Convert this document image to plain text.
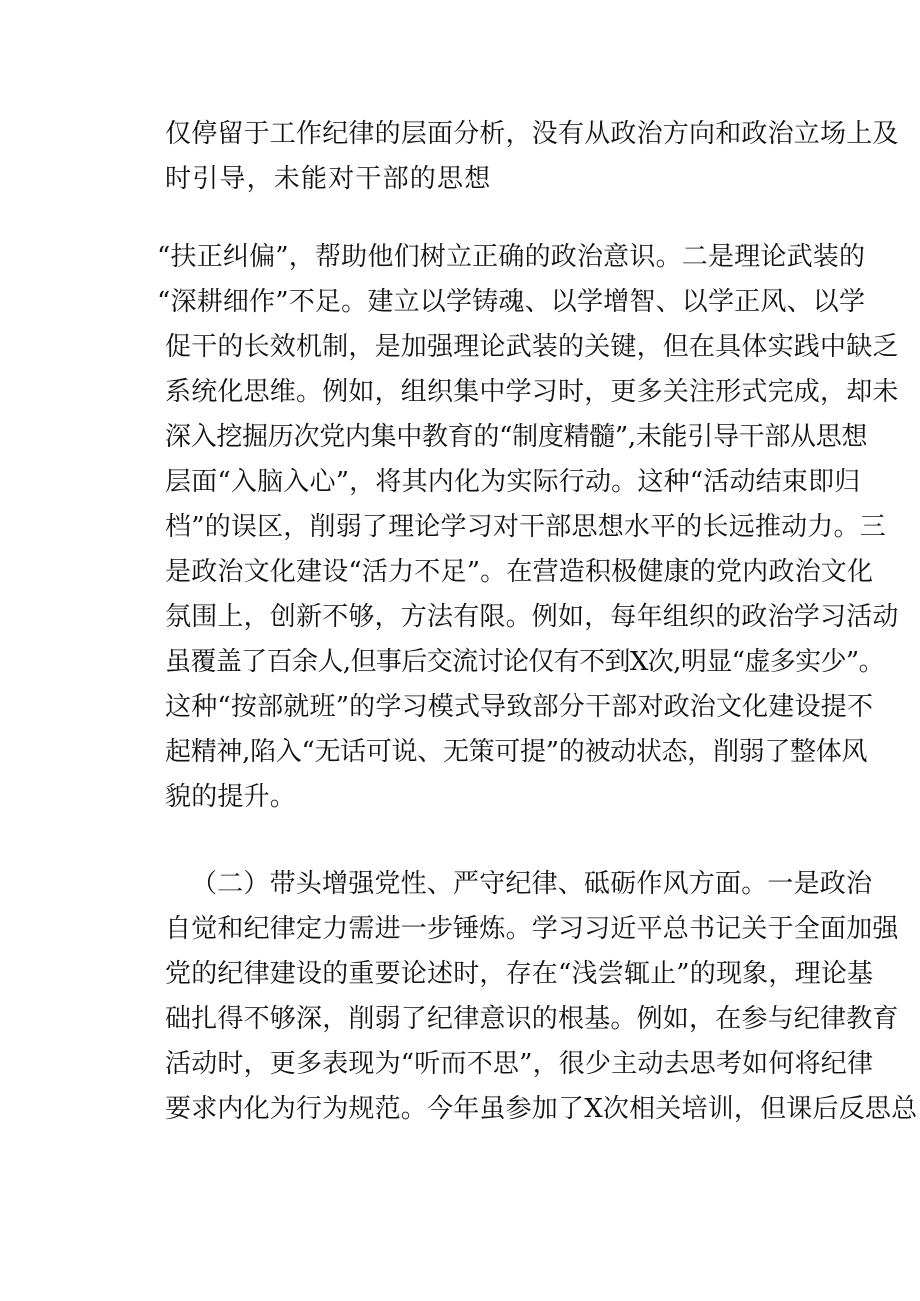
仅停留于工作纪律的层面分析，没有从政治方向和政治立场上及
时引导，未能对干部的思想
“扶正纠偏”，帮助他们树立正确的政治意识。二是理论武装的
“深耕细作”不足。建立以学铸魂、以学增智、以学正风、以学
促干的长效机制，是加强理论武装的关键，但在具体实践中缺乏
系统化思维。例如，组织集中学习时，更多关注形式完成，却未
深入挖掘历次党内集中教育的“制度精髓”,未能引导干部从思想
层面“入脑入心”，将其内化为实际行动。这种“活动结束即归
档”的误区，削弱了理论学习对干部思想水平的长远推动力。三
是政治文化建设“活力不足”。在营造积极健康的党内政治文化
氛围上，创新不够，方法有限。例如，每年组织的政治学习活动
虽覆盖了百余人,但事后交流讨论仅有不到X次,明显“虚多实少”。
这种“按部就班”的学习模式导致部分干部对政治文化建设提不
起精神,陷入“无话可说、无策可提”的被动状态，削弱了整体风
貌的提升。
（二）带头增强党性、严守纪律、砥砺作风方面。一是政治
自觉和纪律定力需进一步锤炼。学习习近平总书记关于全面加强
党的纪律建设的重要论述时，存在“浅尝辄止”的现象，理论基
础扎得不够深，削弱了纪律意识的根基。例如，在参与纪律教育
活动时，更多表现为“听而不思”，很少主动去思考如何将纪律
要求内化为行为规范。今年虽参加了X次相关培训，但课后反思总
